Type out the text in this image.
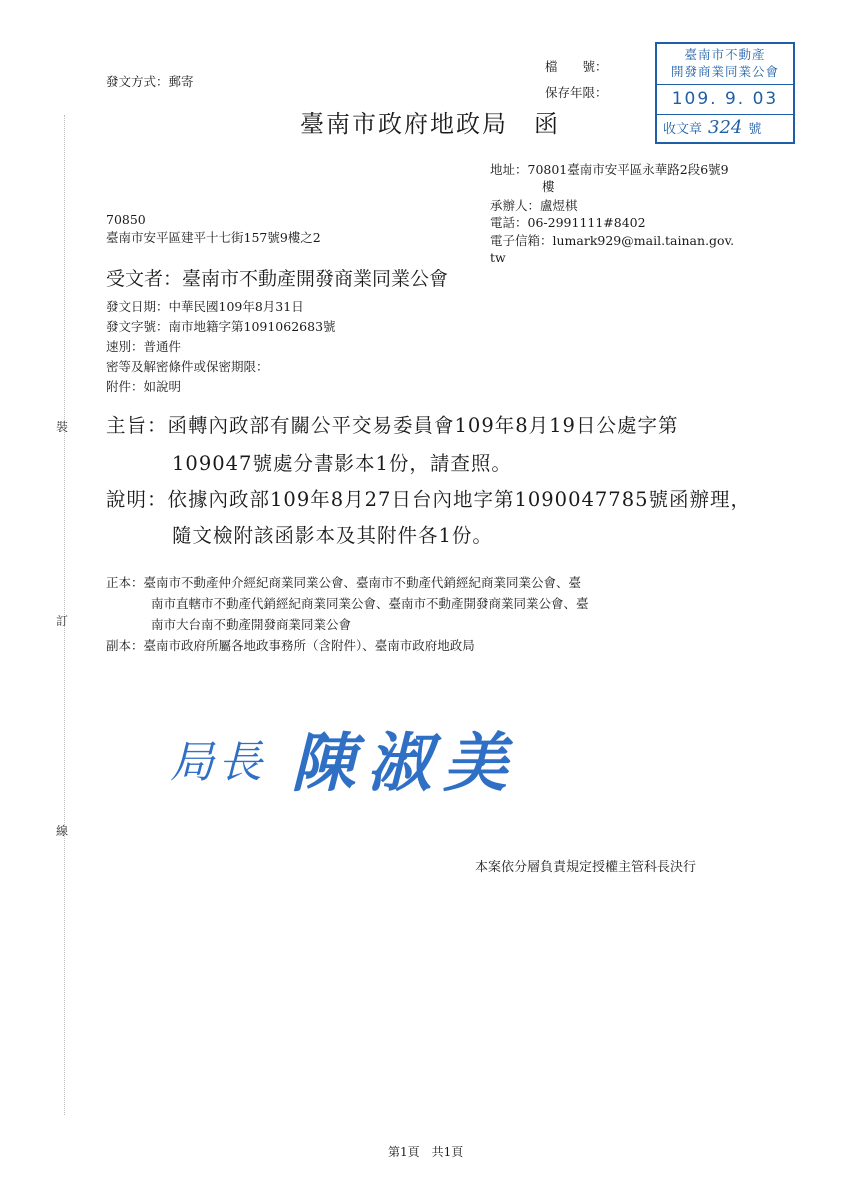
裝
訂
線
發文方式：郵寄
檔　　號：
保存年限：
臺南市政府地政局　函
臺南市不動產
開發商業同業公會
109. 9. 03
收文章 324 號
地址：70801臺南市安平區永華路2段6號9
樓
承辦人：盧煜棋
電話：06-2991111#8402
電子信箱：lumark929@mail.tainan.gov.
tw
70850
臺南市安平區建平十七街157號9樓之2
受文者：臺南市不動產開發商業同業公會
發文日期：中華民國109年8月31日
發文字號：南市地籍字第1091062683號
速別：普通件
密等及解密條件或保密期限：
附件：如說明
主旨：函轉內政部有關公平交易委員會109年8月19日公處字第
109047號處分書影本1份，請查照。
說明：依據內政部109年8月27日台內地字第1090047785號函辦理，
隨文檢附該函影本及其附件各1份。
正本：臺南市不動產仲介經紀商業同業公會、臺南市不動產代銷經紀商業同業公會、臺
南市直轄市不動產代銷經紀商業同業公會、臺南市不動產開發商業同業公會、臺
南市大台南不動產開發商業同業公會
副本：臺南市政府所屬各地政事務所（含附件）、臺南市政府地政局
局長 陳淑美
本案依分層負責規定授權主管科長決行
第1頁　共1頁
